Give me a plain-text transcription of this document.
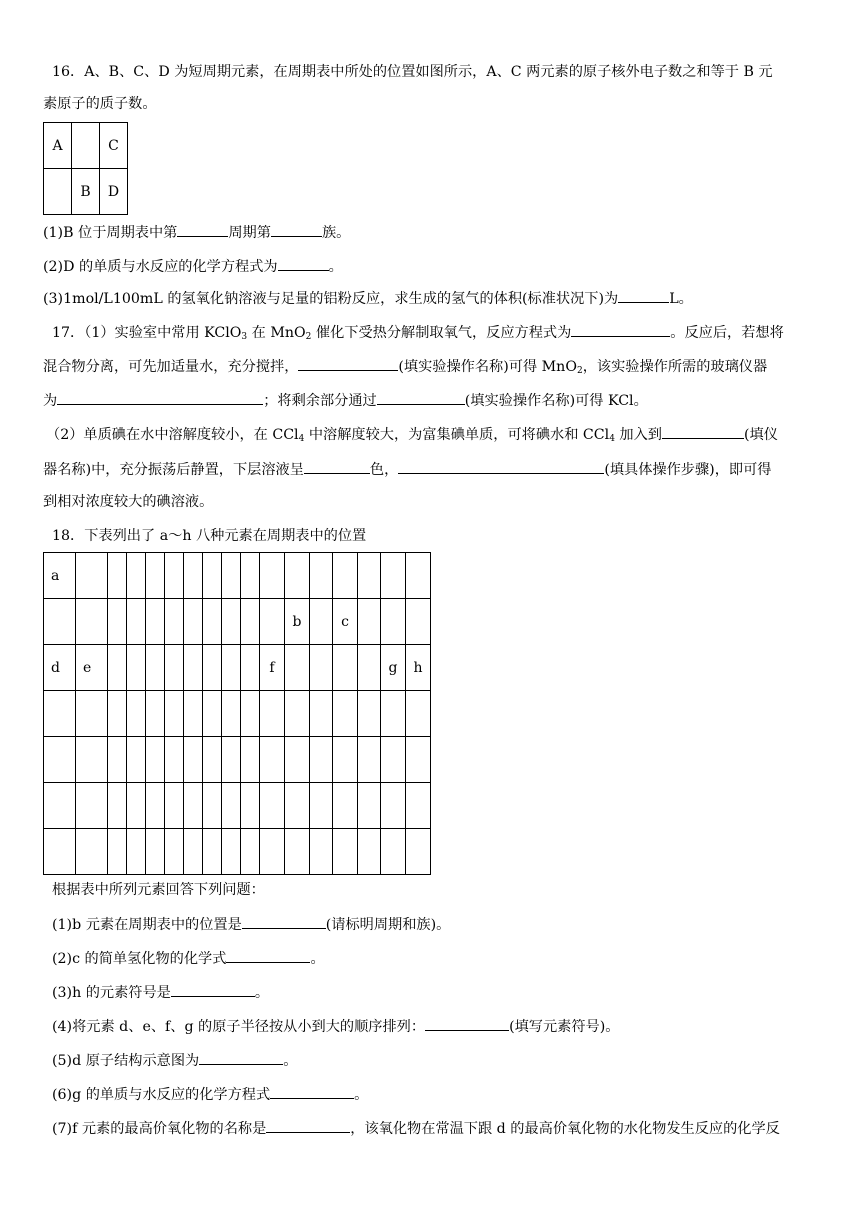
16．A、B、C、D 为短周期元素，在周期表中所处的位置如图所示，A、C 两元素的原子核外电子数之和等于 B 元
素原子的质子数。
A		C
	B	D
(1)B 位于周期表中第	周期第	族。
(2)D 的单质与水反应的化学方程式为	。
(3)1mol/L100mL 的氢氧化钠溶液与足量的铝粉反应，求生成的氢气的体积(标准状况下)为	L。
17．（1）实验室中常用 KClO$_3$ 在 MnO$_2$ 催化下受热分解制取氧气，反应方程式为	。反应后，若想将
混合物分离，可先加适量水，充分搅拌，	(填实验操作名称)可得 MnO$_2$，该实验操作所需的玻璃仪器
为	；将剩余部分通过	(填实验操作名称)可得 KCl。
（2）单质碘在水中溶解度较小，在 CCl$_4$ 中溶解度较大，为富集碘单质，可将碘水和 CCl$_4$ 加入到	(填仪
器名称)中，充分振荡后静置，下层溶液呈	色，	(填具体操作步骤)，即可得
到相对浓度较大的碘溶液。
18．下表列出了 a～h 八种元素在周期表中的位置
a																
											b		c			
d	e									f					g	h

根据表中所列元素回答下列问题：
(1)b 元素在周期表中的位置是	(请标明周期和族)。
(2)c 的简单氢化物的化学式	。
(3)h 的元素符号是	。
(4)将元素 d、e、f、g 的原子半径按从小到大的顺序排列：	(填写元素符号)。
(5)d 原子结构示意图为	。
(6)g 的单质与水反应的化学方程式	。
(7)f 元素的最高价氧化物的名称是	，该氧化物在常温下跟 d 的最高价氧化物的水化物发生反应的化学反
